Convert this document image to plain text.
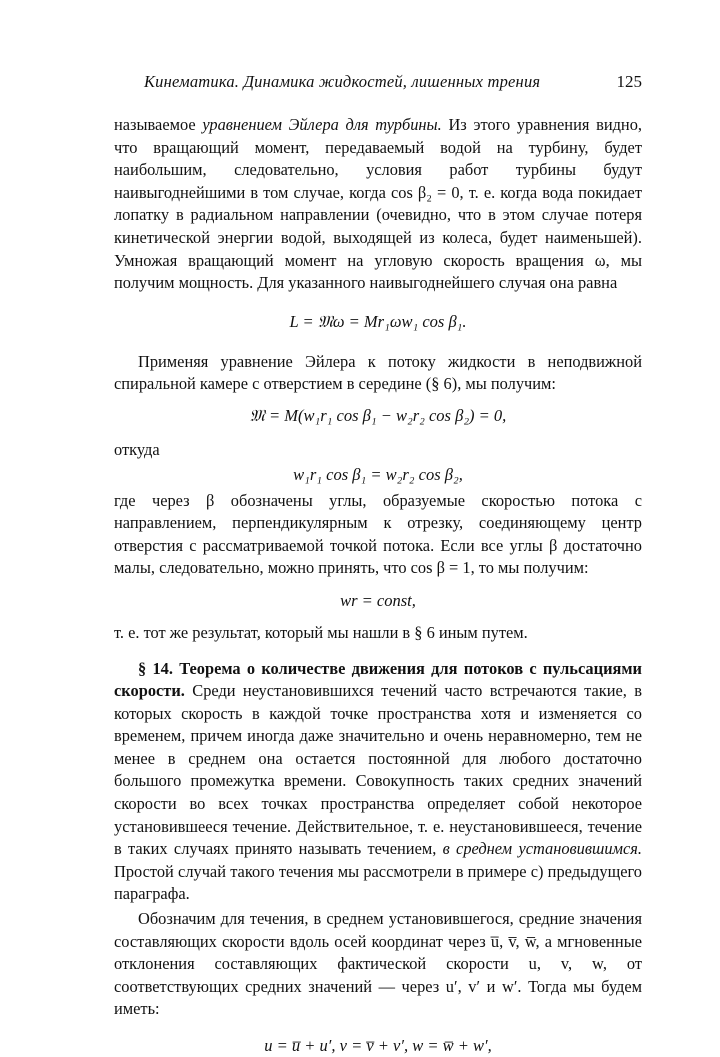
Кинематика. Динамика жидкостей, лишенных трения	125

называемое уравнением Эйлера для турбины. Из этого уравнения видно, что вращающий момент, передаваемый водой на турбину, будет наибольшим, следовательно, условия работ турбины будут наивыгоднейшими в том случае, когда cos β₂ = 0, т. е. когда вода покидает лопатку в радиальном направлении (очевидно, что в этом случае потеря кинетической энергии водой, выходящей из колеса, будет наименьшей). Умножая вращающий момент на угловую скорость вращения ω, мы получим мощность. Для указанного наивыгоднейшего случая она равна

L = 𝔐ω = Mr₁ωw₁ cos β₁.

Применяя уравнение Эйлера к потоку жидкости в неподвижной спиральной камере с отверстием в середине (§ 6), мы получим:

𝔐 = M(w₁r₁ cos β₁ − w₂r₂ cos β₂) = 0,

откуда

w₁r₁ cos β₁ = w₂r₂ cos β₂,

где через β обозначены углы, образуемые скоростью потока с направлением, перпендикулярным к отрезку, соединяющему центр отверстия с рассматриваемой точкой потока. Если все углы β достаточно малы, следовательно, можно принять, что cos β = 1, то мы получим:

wr = const,

т. е. тот же результат, который мы нашли в § 6 иным путем.

§ 14. Теорема о количестве движения для потоков с пульсациями скорости. Среди неустановившихся течений часто встречаются такие, в которых скорость в каждой точке пространства хотя и изменяется со временем, причем иногда даже значительно и очень неравномерно, тем не менее в среднем она остается постоянной для любого достаточно большого промежутка времени. Совокупность таких средних значений скорости во всех точках пространства определяет собой некоторое установившееся течение. Действительное, т. е. неустановившееся, течение в таких случаях принято называть течением, в среднем установившимся. Простой случай такого течения мы рассмотрели в примере c) предыдущего параграфа.

Обозначим для течения, в среднем установившегося, средние значения составляющих скорости вдоль осей координат через u̅, v̅, w̅, а мгновенные отклонения составляющих фактической скорости u, v, w, от соответствующих средних значений — через u′, v′ и w′. Тогда мы будем иметь:

u = u̅ + u′, v = v̅ + v′, w = w̅ + w′,
